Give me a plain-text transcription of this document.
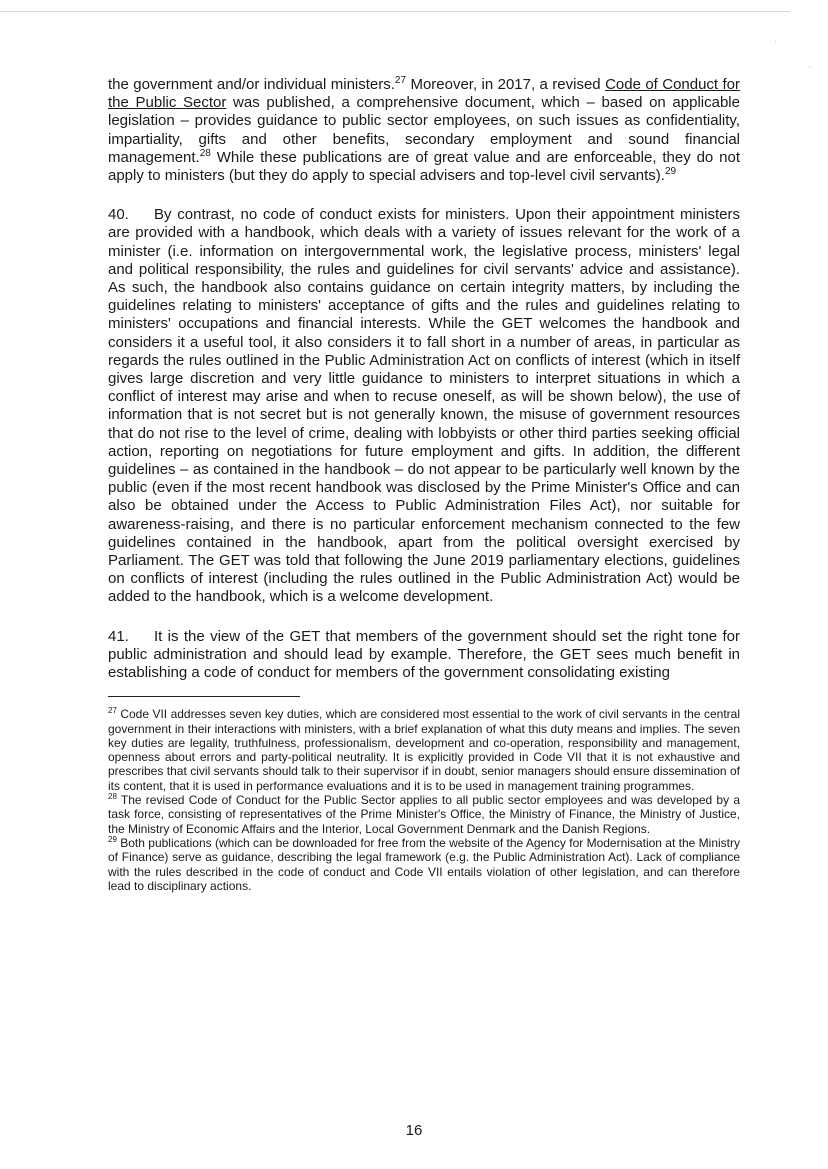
·
·

the government and/or individual ministers.$^{27}$ Moreover, in 2017, a revised Code of Conduct for the Public Sector was published, a comprehensive document, which – based on applicable legislation – provides guidance to public sector employees, on such issues as confidentiality, impartiality, gifts and other benefits, secondary employment and sound financial management.$^{28}$ While these publications are of great value and are enforceable, they do not apply to ministers (but they do apply to special advisers and top-level civil servants).$^{29}$

40. By contrast, no code of conduct exists for ministers. Upon their appointment ministers are provided with a handbook, which deals with a variety of issues relevant for the work of a minister (i.e. information on intergovernmental work, the legislative process, ministers' legal and political responsibility, the rules and guidelines for civil servants' advice and assistance). As such, the handbook also contains guidance on certain integrity matters, by including the guidelines relating to ministers' acceptance of gifts and the rules and guidelines relating to ministers' occupations and financial interests. While the GET welcomes the handbook and considers it a useful tool, it also considers it to fall short in a number of areas, in particular as regards the rules outlined in the Public Administration Act on conflicts of interest (which in itself gives large discretion and very little guidance to ministers to interpret situations in which a conflict of interest may arise and when to recuse oneself, as will be shown below), the use of information that is not secret but is not generally known, the misuse of government resources that do not rise to the level of crime, dealing with lobbyists or other third parties seeking official action, reporting on negotiations for future employment and gifts. In addition, the different guidelines – as contained in the handbook – do not appear to be particularly well known by the public (even if the most recent handbook was disclosed by the Prime Minister's Office and can also be obtained under the Access to Public Administration Files Act), nor suitable for awareness-raising, and there is no particular enforcement mechanism connected to the few guidelines contained in the handbook, apart from the political oversight exercised by Parliament. The GET was told that following the June 2019 parliamentary elections, guidelines on conflicts of interest (including the rules outlined in the Public Administration Act) would be added to the handbook, which is a welcome development.

41. It is the view of the GET that members of the government should set the right tone for public administration and should lead by example. Therefore, the GET sees much benefit in establishing a code of conduct for members of the government consolidating existing

$^{27}$ Code VII addresses seven key duties, which are considered most essential to the work of civil servants in the central government in their interactions with ministers, with a brief explanation of what this duty means and implies. The seven key duties are legality, truthfulness, professionalism, development and co-operation, responsibility and management, openness about errors and party-political neutrality. It is explicitly provided in Code VII that it is not exhaustive and prescribes that civil servants should talk to their supervisor if in doubt, senior managers should ensure dissemination of its content, that it is used in performance evaluations and it is to be used in management training programmes.

$^{28}$ The revised Code of Conduct for the Public Sector applies to all public sector employees and was developed by a task force, consisting of representatives of the Prime Minister's Office, the Ministry of Finance, the Ministry of Justice, the Ministry of Economic Affairs and the Interior, Local Government Denmark and the Danish Regions.

$^{29}$ Both publications (which can be downloaded for free from the website of the Agency for Modernisation at the Ministry of Finance) serve as guidance, describing the legal framework (e.g. the Public Administration Act). Lack of compliance with the rules described in the code of conduct and Code VII entails violation of other legislation, and can therefore lead to disciplinary actions.

16
